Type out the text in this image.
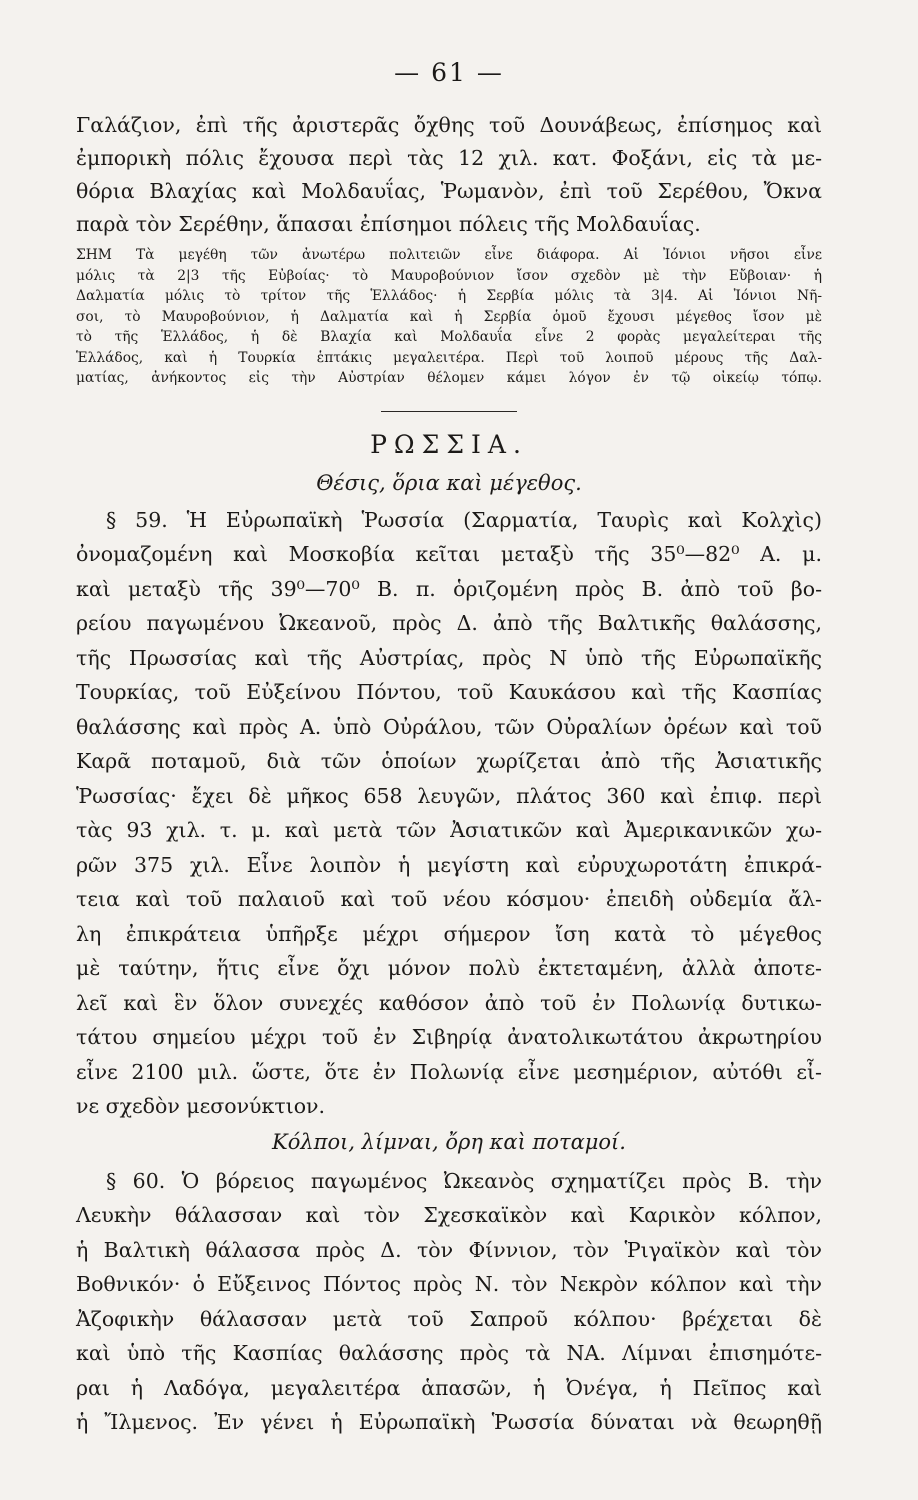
— 61 —
Γαλάζιον, ἐπὶ τῆς ἀριστερᾶς ὄχθης τοῦ Δουνάβεως, ἐπίσημος καὶ
ἐμπορικὴ πόλις ἔχουσα περὶ τὰς 12 χιλ. κατ. Φοξάνι, εἰς τὰ με-
θόρια Βλαχίας καὶ Μολδαυΐας, Ῥωμανὸν, ἐπὶ τοῦ Σερέθου, Ὄκνα
παρὰ τὸν Σερέθην, ἅπασαι ἐπίσημοι πόλεις τῆς Μολδαυΐας.
ΣΗΜ Τὰ μεγέθη τῶν ἀνωτέρω πολιτειῶν εἶνε διάφορα. Αἱ Ἰόνιοι νῆσοι εἶνε
μόλις τὰ 2|3 τῆς Εὐβοίας· τὸ Μαυροβούνιον ἴσον σχεδὸν μὲ τὴν Εὔβοιαν· ἡ
Δαλματία μόλις τὸ τρίτον τῆς Ἑλλάδος· ἡ Σερβία μόλις τὰ 3|4. Αἱ Ἰόνιοι Νῆ-
σοι, τὸ Μαυροβούνιον, ἡ Δαλματία καὶ ἡ Σερβία ὁμοῦ ἔχουσι μέγεθος ἴσον μὲ
τὸ τῆς Ἑλλάδος, ἡ δὲ Βλαχία καὶ Μολδαυΐα εἶνε 2 φορὰς μεγαλείτεραι τῆς
Ἑλλάδος, καὶ ἡ Τουρκία ἑπτάκις μεγαλειτέρα. Περὶ τοῦ λοιποῦ μέρους τῆς Δαλ-
ματίας, ἀνήκοντος εἰς τὴν Αὐστρίαν θέλομεν κάμει λόγον ἐν τῷ οἰκείῳ τόπῳ.
ΡΩΣΣΙΑ.
Θέσις, ὅρια καὶ μέγεθος.
§ 59. Ἡ Εὐρωπαϊκὴ Ῥωσσία (Σαρματία, Ταυρὶς καὶ Κολχὶς)
ὀνομαζομένη καὶ Μοσκοβία κεῖται μεταξὺ τῆς 35⁰—82⁰ Α. μ.
καὶ μεταξὺ τῆς 39⁰—70⁰ Β. π. ὁριζομένη πρὸς Β. ἀπὸ τοῦ βο-
ρείου παγωμένου Ὠκεανοῦ, πρὸς Δ. ἀπὸ τῆς Βαλτικῆς θαλάσσης,
τῆς Πρωσσίας καὶ τῆς Αὐστρίας, πρὸς Ν ὑπὸ τῆς Εὐρωπαϊκῆς
Τουρκίας, τοῦ Εὐξείνου Πόντου, τοῦ Καυκάσου καὶ τῆς Κασπίας
θαλάσσης καὶ πρὸς Α. ὑπὸ Οὐράλου, τῶν Οὐραλίων ὀρέων καὶ τοῦ
Καρᾶ ποταμοῦ, διὰ τῶν ὁποίων χωρίζεται ἀπὸ τῆς Ἀσιατικῆς
Ῥωσσίας· ἔχει δὲ μῆκος 658 λευγῶν, πλάτος 360 καὶ ἐπιφ. περὶ
τὰς 93 χιλ. τ. μ. καὶ μετὰ τῶν Ἀσιατικῶν καὶ Ἀμερικανικῶν χω-
ρῶν 375 χιλ. Εἶνε λοιπὸν ἡ μεγίστη καὶ εὐρυχωροτάτη ἐπικρά-
τεια καὶ τοῦ παλαιοῦ καὶ τοῦ νέου κόσμου· ἐπειδὴ οὐδεμία ἄλ-
λη ἐπικράτεια ὑπῆρξε μέχρι σήμερον ἴση κατὰ τὸ μέγεθος
μὲ ταύτην, ἥτις εἶνε ὄχι μόνον πολὺ ἐκτεταμένη, ἀλλὰ ἀποτε-
λεῖ καὶ ἓν ὅλον συνεχές καθόσον ἀπὸ τοῦ ἐν Πολωνίᾳ δυτικω-
τάτου σημείου μέχρι τοῦ ἐν Σιβηρίᾳ ἀνατολικωτάτου ἀκρωτηρίου
εἶνε 2100 μιλ. ὥστε, ὅτε ἐν Πολωνίᾳ εἶνε μεσημέριον, αὐτόθι εἶ-
νε σχεδὸν μεσονύκτιον.
Κόλποι, λίμναι, ὄρη καὶ ποταμοί.
§ 60. Ὁ βόρειος παγωμένος Ὠκεανὸς σχηματίζει πρὸς Β. τὴν
Λευκὴν θάλασσαν καὶ τὸν Σχεσκαϊκὸν καὶ Καρικὸν κόλπον,
ἡ Βαλτικὴ θάλασσα πρὸς Δ. τὸν Φίννιον, τὸν Ῥιγαϊκὸν καὶ τὸν
Βοθνικόν· ὁ Εὔξεινος Πόντος πρὸς Ν. τὸν Νεκρὸν κόλπον καὶ τὴν
Ἀζοφικὴν θάλασσαν μετὰ τοῦ Σαπροῦ κόλπου· βρέχεται δὲ
καὶ ὑπὸ τῆς Κασπίας θαλάσσης πρὸς τὰ ΝΑ. Λίμναι ἐπισημότε-
ραι ἡ Λαδόγα, μεγαλειτέρα ἁπασῶν, ἡ Ὀνέγα, ἡ Πεῖπος καὶ
ἡ Ἴλμενος. Ἐν γένει ἡ Εὐρωπαϊκὴ Ῥωσσία δύναται νὰ θεωρηθῇ
